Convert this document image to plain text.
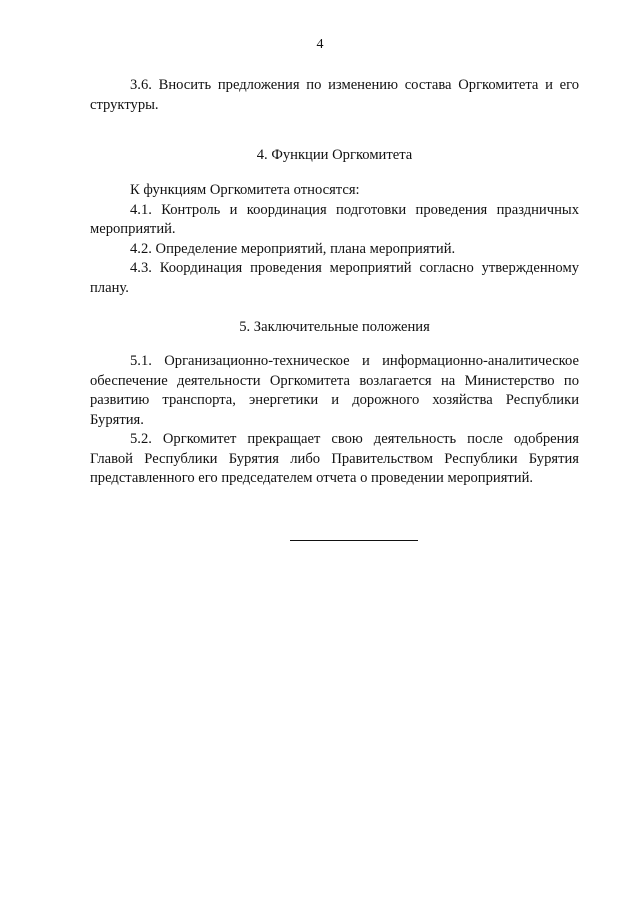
4

3.6. Вносить предложения по изменению состава Оргкомитета и его структуры.

4. Функции Оргкомитета

К функциям Оргкомитета относятся:

4.1. Контроль и координация подготовки проведения праздничных мероприятий.

4.2. Определение мероприятий, плана мероприятий.

4.3. Координация проведения мероприятий согласно утвержденному плану.

5. Заключительные положения

5.1. Организационно-техническое и информационно-аналитическое обеспечение деятельности Оргкомитета возлагается на Министерство по развитию транспорта, энергетики и дорожного хозяйства Республики Бурятия.

5.2. Оргкомитет прекращает свою деятельность после одобрения Главой Республики Бурятия либо Правительством Республики Бурятия представленного его председателем отчета о проведении мероприятий.
